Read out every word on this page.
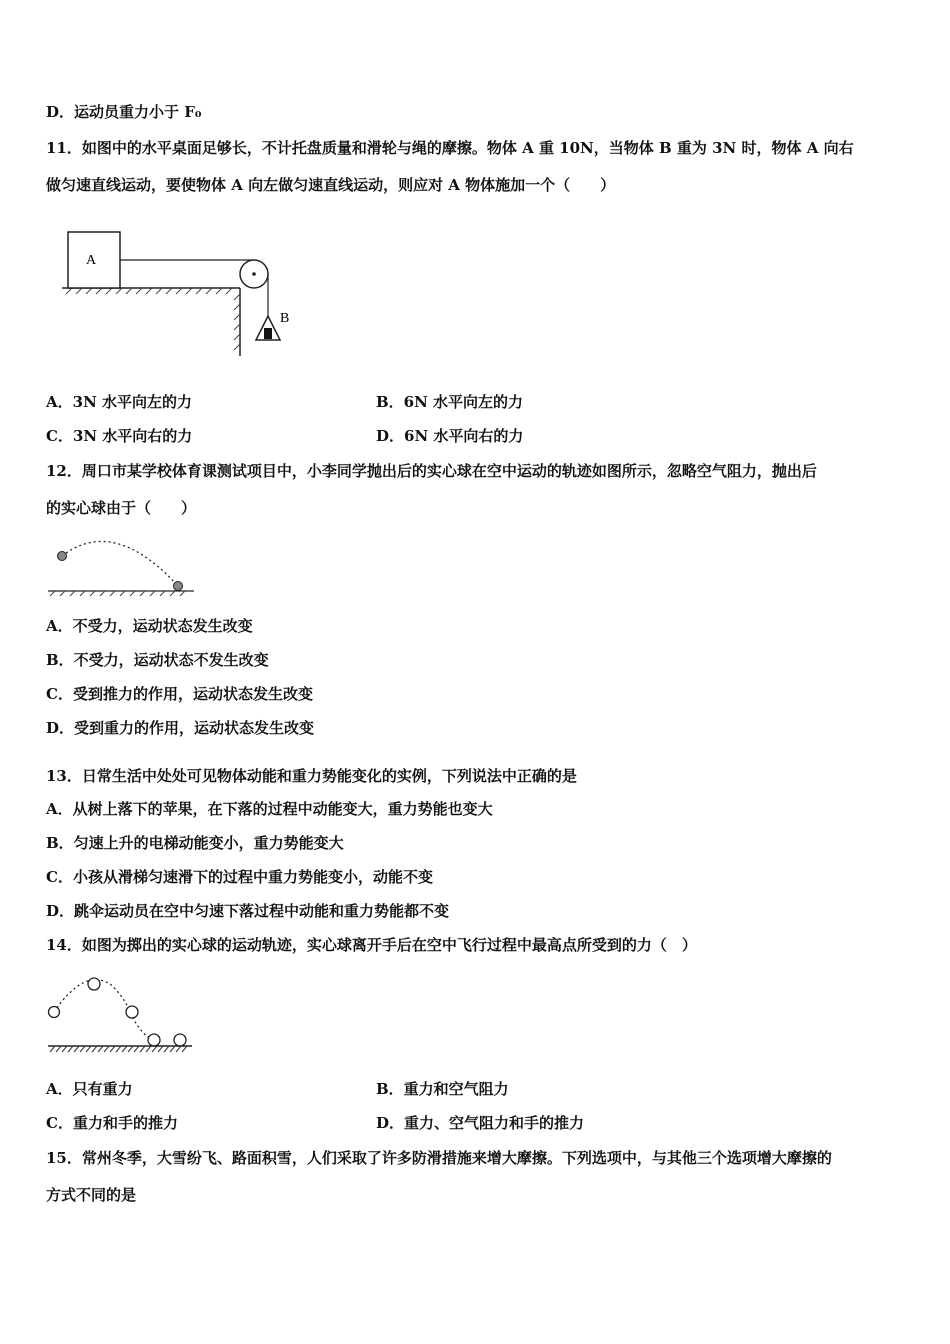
D．运动员重力小于 F₀
11．如图中的水平桌面足够长，不计托盘质量和滑轮与绳的摩擦。物体 A 重 10N，当物体 B 重为 3N 时，物体 A 向右
做匀速直线运动，要使物体 A 向左做匀速直线运动，则应对 A 物体施加一个（　　）
A
B
A．3N 水平向左的力	B．6N 水平向左的力
C．3N 水平向右的力	D．6N 水平向右的力
12．周口市某学校体育课测试项目中，小李同学抛出后的实心球在空中运动的轨迹如图所示，忽略空气阻力，抛出后
的实心球由于（　　）
A．不受力，运动状态发生改变
B．不受力，运动状态不发生改变
C．受到推力的作用，运动状态发生改变
D．受到重力的作用，运动状态发生改变
13．日常生活中处处可见物体动能和重力势能变化的实例，下列说法中正确的是
A．从树上落下的苹果，在下落的过程中动能变大，重力势能也变大
B．匀速上升的电梯动能变小，重力势能变大
C．小孩从滑梯匀速滑下的过程中重力势能变小，动能不变
D．跳伞运动员在空中匀速下落过程中动能和重力势能都不变
14．如图为掷出的实心球的运动轨迹，实心球离开手后在空中飞行过程中最高点所受到的力（　）
A．只有重力	B．重力和空气阻力
C．重力和手的推力	D．重力、空气阻力和手的推力
15．常州冬季，大雪纷飞、路面积雪，人们采取了许多防滑措施来增大摩擦。下列选项中，与其他三个选项增大摩擦的
方式不同的是
